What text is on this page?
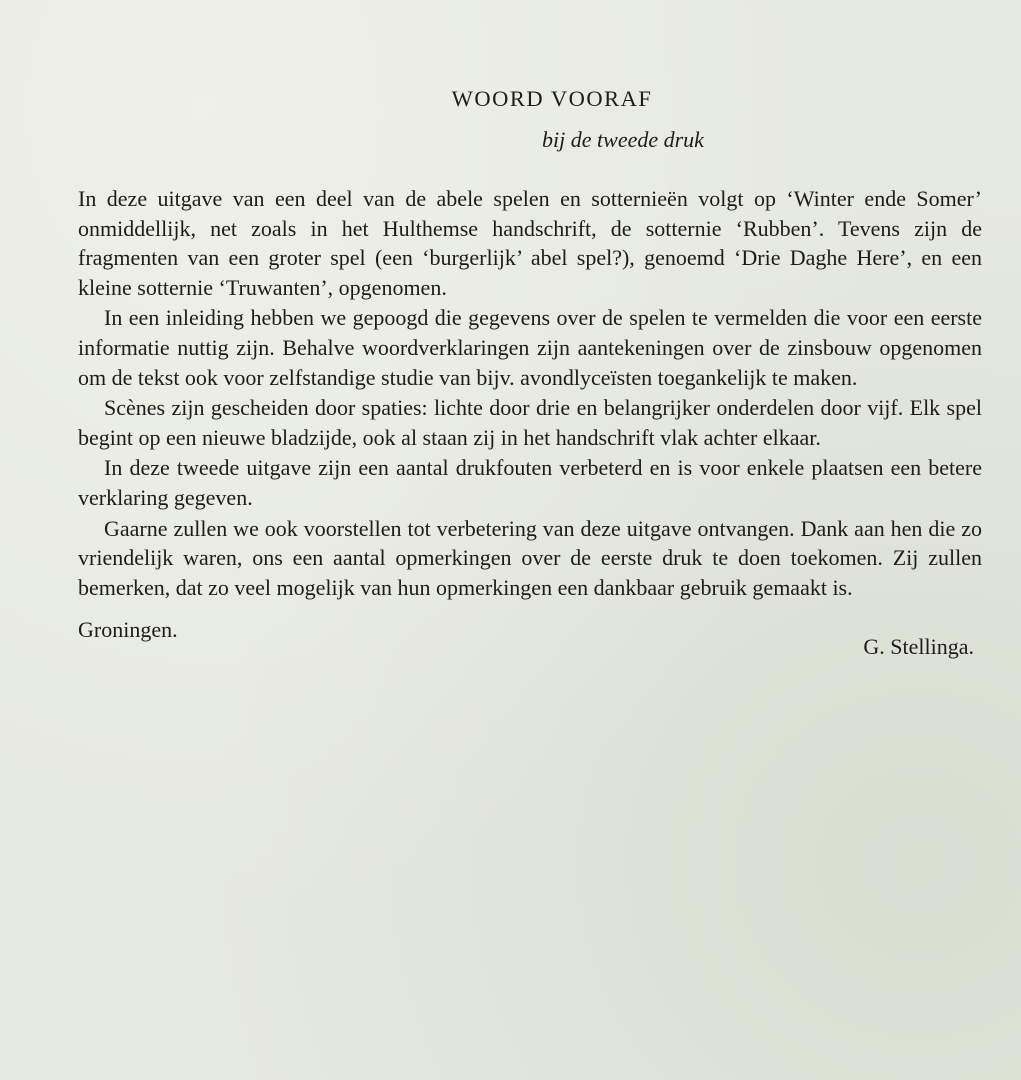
WOORD VOORAF
bij de tweede druk

In deze uitgave van een deel van de abele spelen en sotternieën volgt op ‘Winter ende Somer’ onmiddellijk, net zoals in het Hulthemse handschrift, de sotternie ‘Rubben’. Tevens zijn de fragmenten van een groter spel (een ‘burgerlijk’ abel spel?), genoemd ‘Drie Daghe Here’, en een kleine sotternie ‘Truwanten’, opgenomen.

In een inleiding hebben we gepoogd die gegevens over de spelen te vermelden die voor een eerste informatie nuttig zijn. Behalve woordverklaringen zijn aantekeningen over de zinsbouw opgenomen om de tekst ook voor zelfstandige studie van bijv. avondlyceïsten toegankelijk te maken.

Scènes zijn gescheiden door spaties: lichte door drie en belangrijker onderdelen door vijf. Elk spel begint op een nieuwe bladzijde, ook al staan zij in het handschrift vlak achter elkaar.

In deze tweede uitgave zijn een aantal drukfouten verbeterd en is voor enkele plaatsen een betere verklaring gegeven.

Gaarne zullen we ook voorstellen tot verbetering van deze uitgave ontvangen. Dank aan hen die zo vriendelijk waren, ons een aantal opmerkingen over de eerste druk te doen toekomen. Zij zullen bemerken, dat zo veel mogelijk van hun opmerkingen een dankbaar gebruik gemaakt is.

Groningen.
G. Stellinga.
